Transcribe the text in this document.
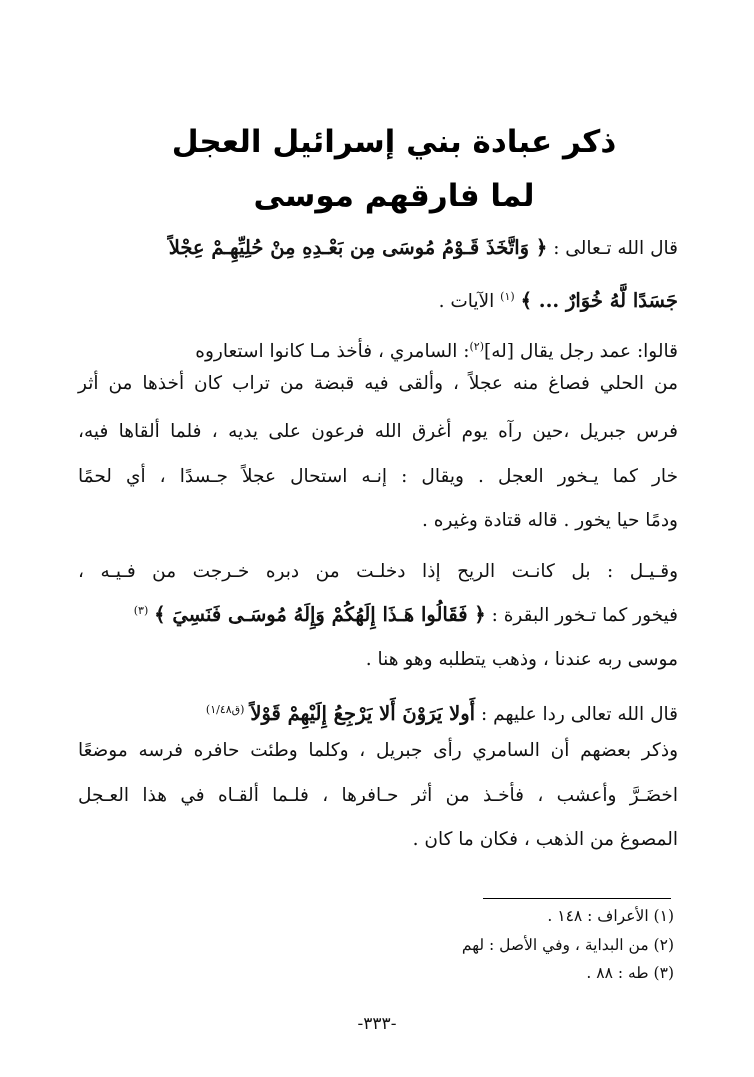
ذكر عبادة بني إسرائيل العجل
لما فارقهم موسى
قال الله تـعالى : ﴿ وَاتَّخَذَ قَـوْمُ مُوسَى مِن بَعْـدِهِ مِنْ حُلِيِّهِـمْ عِجْلاً
جَسَدًا لَّهُ خُوَارٌ ... ﴾ $^{(١)}$ الآيات .
قالوا: عمد رجل يقال [له]$^{(٢)}$: السامري ، فأخذ مـا كانوا استعاروه
من الحلي فصاغ منه عجلاً ، وألقى فيه قبضة من تراب كان أخذها من أثر
فرس جبريل ،حين رآه يوم أغرق الله فرعون على يديه ، فلما ألقاها فيه،
خار كما يـخور العجل . ويقال : إنـه استحال عجلاً جـسدًا ، أي لحمًا
ودمًا حيا يخور . قاله قتادة وغيره .
وقـيـل : بل كانـت الريح إذا دخلـت من دبره خـرجت من فـيـه ،
فيخور كما تـخور البقرة : ﴿ فَقَالُوا هَـذَا إِلَهُكُمْ وَإِلَهُ مُوسَـى فَنَسِيَ ﴾ $^{(٣)}$
موسى ربه عندنا ، وذهب يتطلبه وهو هنا .
قال الله تعالى ردا عليهم : أَولا يَرَوْنَ أَلا يَرْجِعُ إِلَيْهِمْ قَوْلاً $^{(ق١/٤٨)}$
وذكر بعضهم أن السامري رأى جبريل ، وكلما وطئت حافره فرسه موضعًا
اخضَـرَّ وأعشب ، فأخـذ من أثر حـافرها ، فلـما ألقـاه في هذا العـجل
المصوغ من الذهب ، فكان ما كان .
(١) الأعراف : ١٤٨ .
(٢) من البداية ، وفي الأصل : لهم
(٣) طه : ٨٨ .
-٣٣٣-
